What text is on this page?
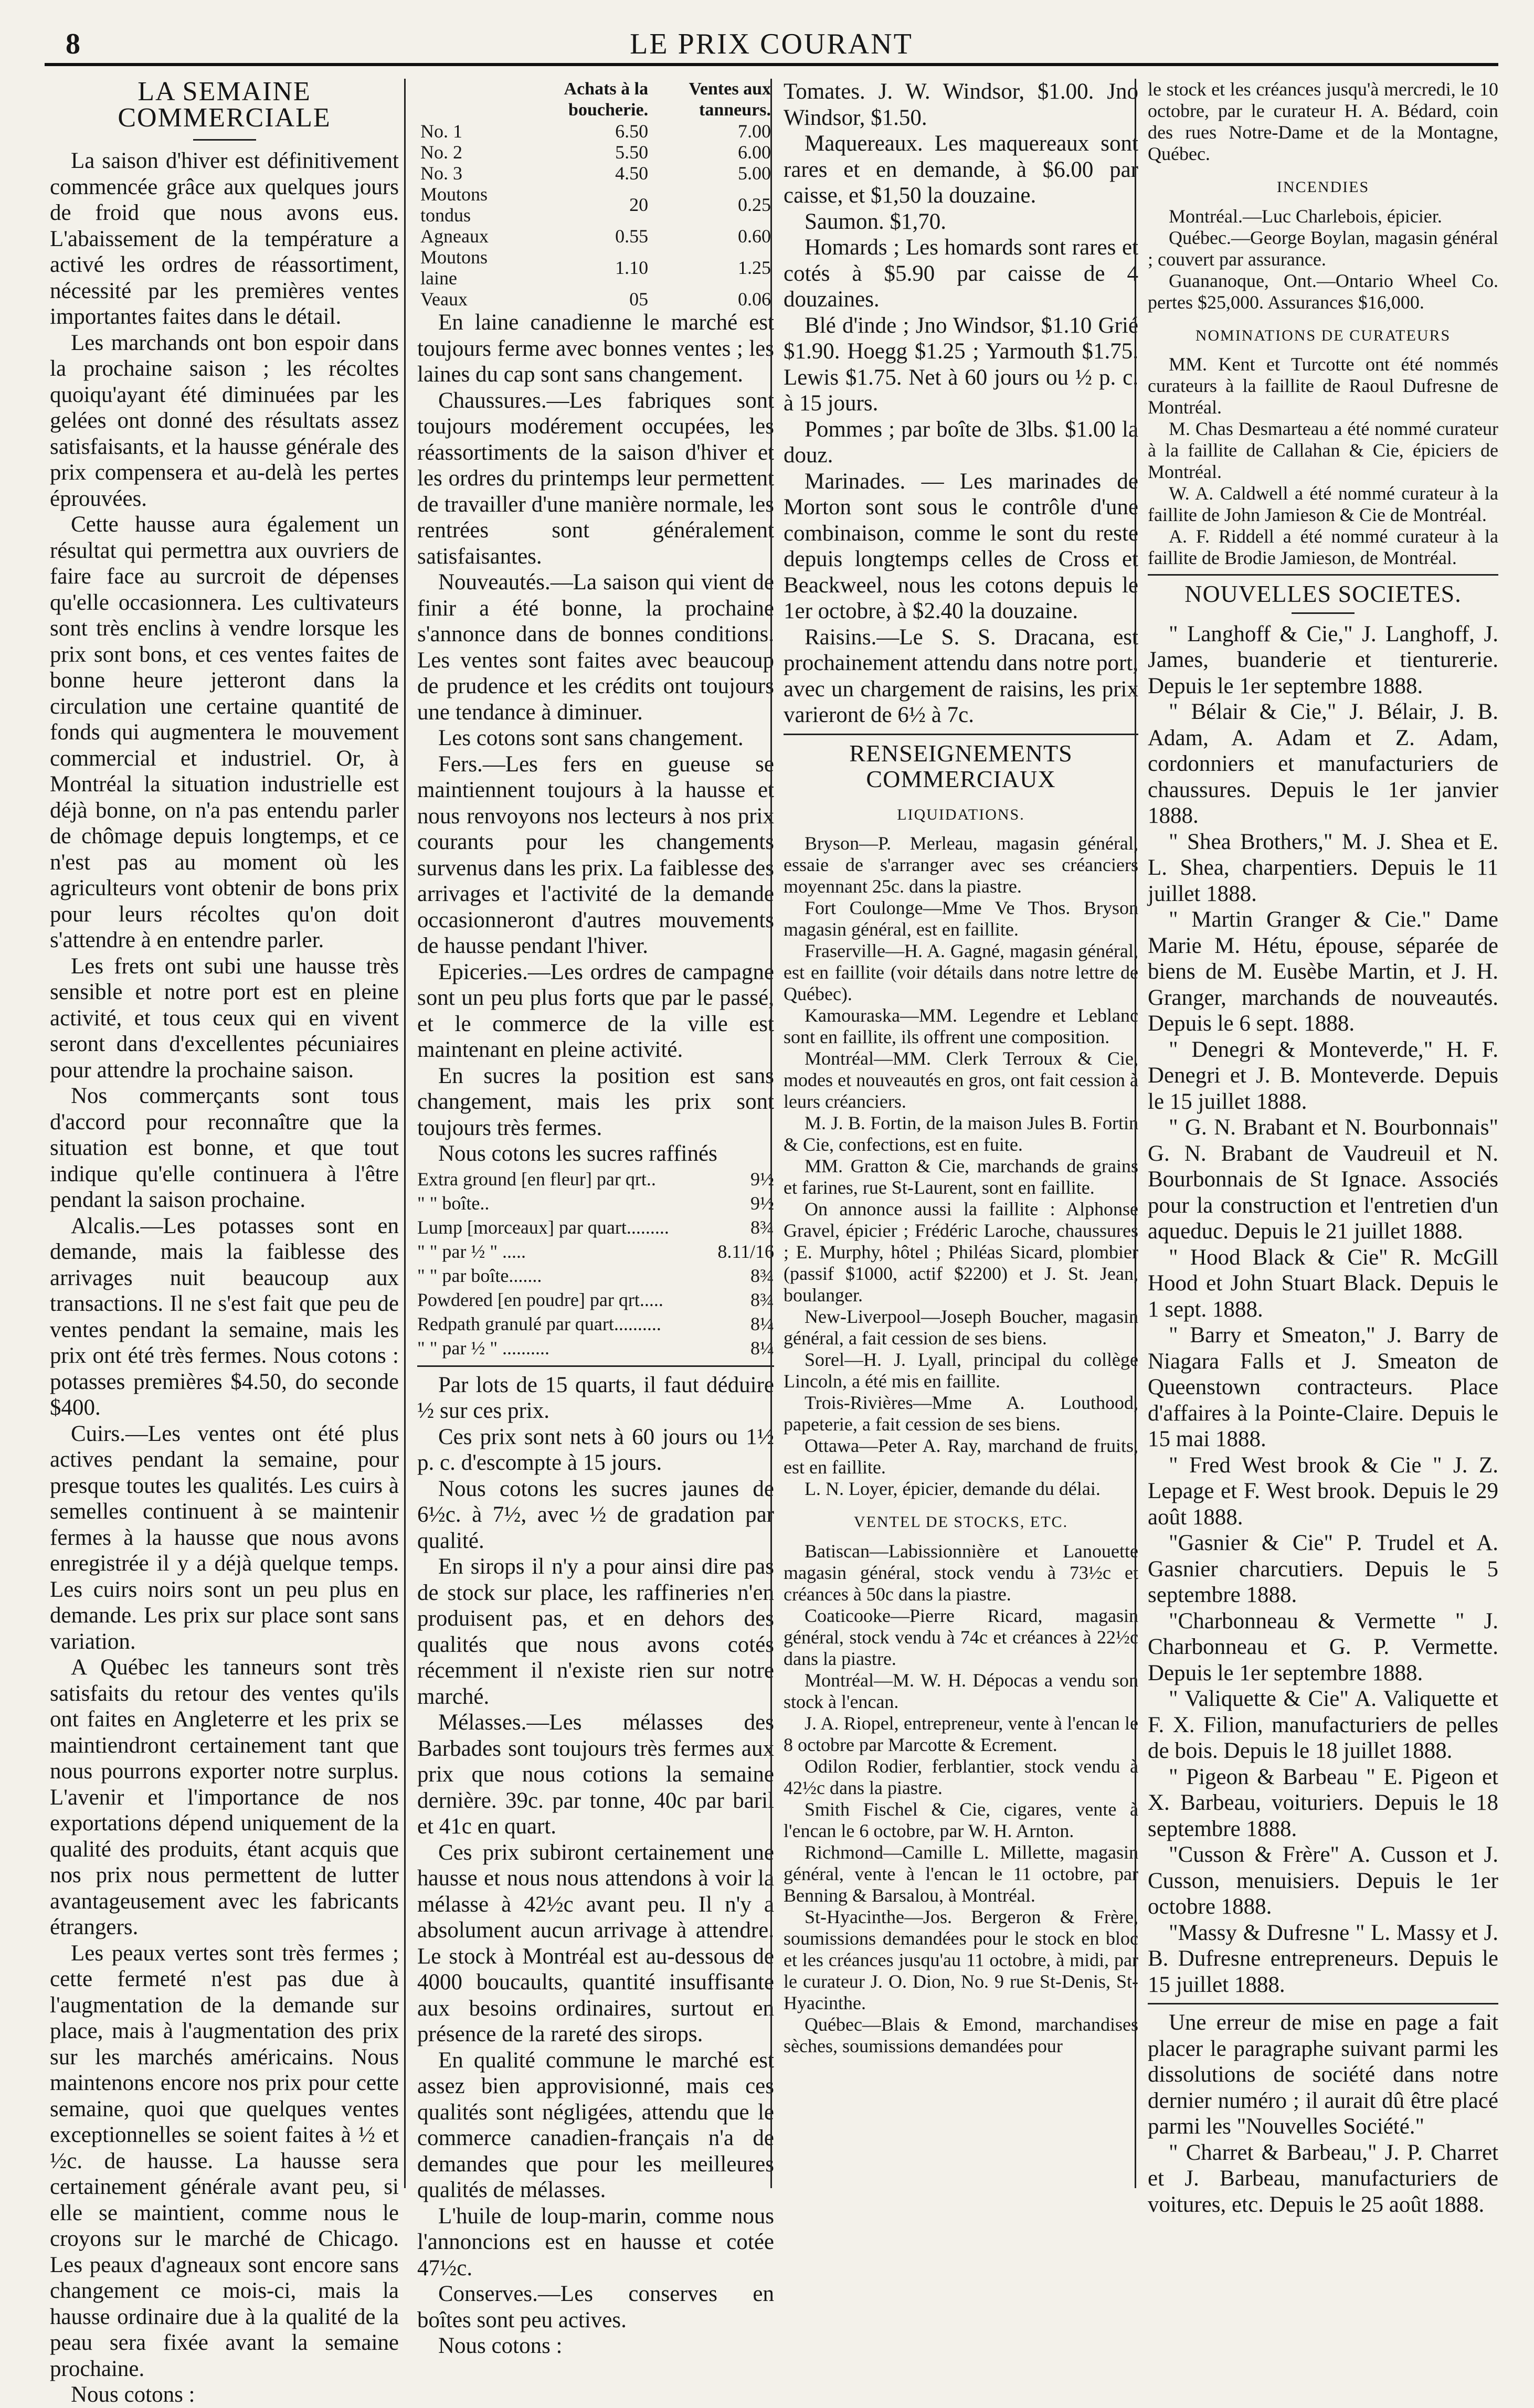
8	LE PRIX COURANT
LA SEMAINE COMMERCIALE

La saison d'hiver est définitivement commencée grâce aux quelques jours de froid que nous avons eus. L'abaissement de la température a activé les ordres de réassortiment, nécessité par les premières ventes importantes faites dans le détail.

Les marchands ont bon espoir dans la prochaine saison ; les récoltes quoiqu'ayant été diminuées par les gelées ont donné des résultats assez satisfaisants, et la hausse générale des prix compensera et au-delà les pertes éprouvées.

Cette hausse aura également un résultat qui permettra aux ouvriers de faire face au surcroit de dépenses qu'elle occasionnera. Les cultivateurs sont très enclins à vendre lorsque les prix sont bons, et ces ventes faites de bonne heure jetteront dans la circulation une certaine quantité de fonds qui augmentera le mouvement commercial et industriel. Or, à Montréal la situation industrielle est déjà bonne, on n'a pas entendu parler de chômage depuis longtemps, et ce n'est pas au moment où les agriculteurs vont obtenir de bons prix pour leurs récoltes qu'on doit s'attendre à en entendre parler.

Les frets ont subi une hausse très sensible et notre port est en pleine activité, et tous ceux qui en vivent seront dans d'excellentes pécuniaires pour attendre la prochaine saison.

Nos commerçants sont tous d'accord pour reconnaître que la situation est bonne, et que tout indique qu'elle continuera à l'être pendant la saison prochaine.

Alcalis.—Les potasses sont en demande, mais la faiblesse des arrivages nuit beaucoup aux transactions. Il ne s'est fait que peu de ventes pendant la semaine, mais les prix ont été très fermes. Nous cotons : potasses premières $4.50, do seconde $400.

Cuirs.—Les ventes ont été plus actives pendant la semaine, pour presque toutes les qualités. Les cuirs à semelles continuent à se maintenir fermes à la hausse que nous avons enregistrée il y a déjà quelque temps. Les cuirs noirs sont un peu plus en demande. Les prix sur place sont sans variation.

A Québec les tanneurs sont très satisfaits du retour des ventes qu'ils ont faites en Angleterre et les prix se maintiendront certainement tant que nous pourrons exporter notre surplus. L'avenir et l'importance de nos exportations dépend uniquement de la qualité des produits, étant acquis que nos prix nous permettent de lutter avantageusement avec les fabricants étrangers.

Les peaux vertes sont très fermes ; cette fermeté n'est pas due à l'augmentation de la demande sur place, mais à l'augmentation des prix sur les marchés américains. Nous maintenons encore nos prix pour cette semaine, quoi que quelques ventes exceptionnelles se soient faites à ½ et ½c. de hausse. La hausse sera certainement générale avant peu, si elle se maintient, comme nous le croyons sur le marché de Chicago. Les peaux d'agneaux sont encore sans changement ce mois-ci, mais la hausse ordinaire due à la qualité de la peau sera fixée avant la semaine prochaine.

Nous cotons :

	Achats à la boucherie.	Ventes aux tanneurs.
No. 1	6.50	7.00
No. 2	5.50	6.00
No. 3	4.50	5.00
Moutons tondus	20	0.25
Agneaux	0.55	0.60
Moutons laine	1.10	1.25
Veaux	05	0.06

En laine canadienne le marché est toujours ferme avec bonnes ventes ; les laines du cap sont sans changement.

Chaussures.—Les fabriques sont toujours modérement occupées, les réassortiments de la saison d'hiver et les ordres du printemps leur permettent de travailler d'une manière normale, les rentrées sont généralement satisfaisantes.

Nouveautés.—La saison qui vient de finir a été bonne, la prochaine s'annonce dans de bonnes conditions. Les ventes sont faites avec beaucoup de prudence et les crédits ont toujours une tendance à diminuer.

Les cotons sont sans changement.

Fers.—Les fers en gueuse se maintiennent toujours à la hausse et nous renvoyons nos lecteurs à nos prix courants pour les changements survenus dans les prix. La faiblesse des arrivages et l'activité de la demande occasionneront d'autres mouvements de hausse pendant l'hiver.

Epiceries.—Les ordres de campagne sont un peu plus forts que par le passé, et le commerce de la ville est maintenant en pleine activité.

En sucres la position est sans changement, mais les prix sont toujours très fermes.

Nous cotons les sucres raffinés

Extra ground [en fleur] par qrt..	9½
" " boîte..	9½
Lump [morceaux] par quart.........	8¾
" " par ½ " .....	8.11/16
" " par boîte.......	8¾
Powdered [en poudre] par qrt.....	8¾
Redpath granulé par quart..........	8¼
" " par ½ " ..........	8¼

Par lots de 15 quarts, il faut déduire ½ sur ces prix.

Ces prix sont nets à 60 jours ou 1½ p. c. d'escompte à 15 jours.

Nous cotons les sucres jaunes de 6½c. à 7½, avec ½ de gradation par qualité.

En sirops il n'y a pour ainsi dire pas de stock sur place, les raffineries n'en produisent pas, et en dehors des qualités que nous avons cotés récemment il n'existe rien sur notre marché.

Mélasses.—Les mélasses des Barbades sont toujours très fermes aux prix que nous cotions la semaine dernière. 39c. par tonne, 40c par baril et 41c en quart.

Ces prix subiront certainement une hausse et nous nous attendons à voir la mélasse à 42½c avant peu. Il n'y a absolument aucun arrivage à attendre. Le stock à Montréal est au-dessous de 4000 boucaults, quantité insuffisante aux besoins ordinaires, surtout en présence de la rareté des sirops.

En qualité commune le marché est assez bien approvisionné, mais ces qualités sont négligées, attendu que le commerce canadien-français n'a de demandes que pour les meilleures qualités de mélasses.

L'huile de loup-marin, comme nous l'annoncions est en hausse et cotée 47½c.

Conserves.—Les conserves en boîtes sont peu actives.

Nous cotons :

Tomates. J. W. Windsor, $1.00. Jno Windsor, $1.50.

Maquereaux. Les maquereaux sont rares et en demande, à $6.00 par caisse, et $1,50 la douzaine.

Saumon. $1,70.

Homards ; Les homards sont rares et cotés à $5.90 par caisse de 4 douzaines.

Blé d'inde ; Jno Windsor, $1.10 Grié $1.90. Hoegg $1.25 ; Yarmouth $1.75. Lewis $1.75. Net à 60 jours ou ½ p. c. à 15 jours.

Pommes ; par boîte de 3lbs. $1.00 la douz.

Marinades. — Les marinades de Morton sont sous le contrôle d'une combinaison, comme le sont du reste depuis longtemps celles de Cross et Beackweel, nous les cotons depuis le 1er octobre, à $2.40 la douzaine.

Raisins.—Le S. S. Dracana, est prochainement attendu dans notre port, avec un chargement de raisins, les prix varieront de 6½ à 7c.

RENSEIGNEMENTS COMMERCIAUX
LIQUIDATIONS.

Bryson—P. Merleau, magasin général, essaie de s'arranger avec ses créanciers moyennant 25c. dans la piastre.

Fort Coulonge—Mme Ve Thos. Bryson magasin général, est en faillite.

Fraserville—H. A. Gagné, magasin général, est en faillite (voir détails dans notre lettre de Québec).

Kamouraska—MM. Legendre et Leblanc sont en faillite, ils offrent une composition.

Montréal—MM. Clerk Terroux & Cie, modes et nouveautés en gros, ont fait cession à leurs créanciers.

M. J. B. Fortin, de la maison Jules B. Fortin & Cie, confections, est en fuite.

MM. Gratton & Cie, marchands de grains et farines, rue St-Laurent, sont en faillite.

On annonce aussi la faillite : Alphonse Gravel, épicier ; Frédéric Laroche, chaussures ; E. Murphy, hôtel ; Philéas Sicard, plombier (passif $1000, actif $2200) et J. St. Jean, boulanger.

New-Liverpool—Joseph Boucher, magasin général, a fait cession de ses biens.

Sorel—H. J. Lyall, principal du collège Lincoln, a été mis en faillite.

Trois-Rivières—Mme A. Louthood, papeterie, a fait cession de ses biens.

Ottawa—Peter A. Ray, marchand de fruits, est en faillite.

L. N. Loyer, épicier, demande du délai.

VENTEL DE STOCKS, ETC.

Batiscan—Labissionnière et Lanouette magasin général, stock vendu à 73½c et créances à 50c dans la piastre.

Coaticooke—Pierre Ricard, magasin général, stock vendu à 74c et créances à 22½c dans la piastre.

Montréal—M. W. H. Dépocas a vendu son stock à l'encan.

J. A. Riopel, entrepreneur, vente à l'encan le 8 octobre par Marcotte & Ecrement.

Odilon Rodier, ferblantier, stock vendu à 42½c dans la piastre.

Smith Fischel & Cie, cigares, vente à l'encan le 6 octobre, par W. H. Arnton.

Richmond—Camille L. Millette, magasin général, vente à l'encan le 11 octobre, par Benning & Barsalou, à Montréal.

St-Hyacinthe—Jos. Bergeron & Frère, soumissions demandées pour le stock en bloc et les créances jusqu'au 11 octobre, à midi, par le curateur J. O. Dion, No. 9 rue St-Denis, St-Hyacinthe.

Québec—Blais & Emond, marchandises sèches, soumissions demandées pour

le stock et les créances jusqu'à mercredi, le 10 octobre, par le curateur H. A. Bédard, coin des rues Notre-Dame et de la Montagne, Québec.

INCENDIES

Montréal.—Luc Charlebois, épicier.

Québec.—George Boylan, magasin général ; couvert par assurance.

Guananoque, Ont.—Ontario Wheel Co. pertes $25,000. Assurances $16,000.

NOMINATIONS DE CURATEURS

MM. Kent et Turcotte ont été nommés curateurs à la faillite de Raoul Dufresne de Montréal.

M. Chas Desmarteau a été nommé curateur à la faillite de Callahan & Cie, épiciers de Montréal.

W. A. Caldwell a été nommé curateur à la faillite de John Jamieson & Cie de Montréal.

A. F. Riddell a été nommé curateur à la faillite de Brodie Jamieson, de Montréal.

NOUVELLES SOCIETES.

" Langhoff & Cie," J. Langhoff, J. James, buanderie et tienturerie. Depuis le 1er septembre 1888.

" Bélair & Cie," J. Bélair, J. B. Adam, A. Adam et Z. Adam, cordonniers et manufacturiers de chaussures. Depuis le 1er janvier 1888.

" Shea Brothers," M. J. Shea et E. L. Shea, charpentiers. Depuis le 11 juillet 1888.

" Martin Granger & Cie." Dame Marie M. Hétu, épouse, séparée de biens de M. Eusèbe Martin, et J. H. Granger, marchands de nouveautés. Depuis le 6 sept. 1888.

" Denegri & Monteverde," H. F. Denegri et J. B. Monteverde. Depuis le 15 juillet 1888.

" G. N. Brabant et N. Bourbonnais" G. N. Brabant de Vaudreuil et N. Bourbonnais de St Ignace. Associés pour la construction et l'entretien d'un aqueduc. Depuis le 21 juillet 1888.

" Hood Black & Cie" R. McGill Hood et John Stuart Black. Depuis le 1 sept. 1888.

" Barry et Smeaton," J. Barry de Niagara Falls et J. Smeaton de Queenstown contracteurs. Place d'affaires à la Pointe-Claire. Depuis le 15 mai 1888.

" Fred West brook & Cie " J. Z. Lepage et F. West brook. Depuis le 29 août 1888.

"Gasnier & Cie" P. Trudel et A. Gasnier charcutiers. Depuis le 5 septembre 1888.

"Charbonneau & Vermette " J. Charbonneau et G. P. Vermette. Depuis le 1er septembre 1888.

" Valiquette & Cie" A. Valiquette et F. X. Filion, manufacturiers de pelles de bois. Depuis le 18 juillet 1888.

" Pigeon & Barbeau " E. Pigeon et X. Barbeau, voituriers. Depuis le 18 septembre 1888.

"Cusson & Frère" A. Cusson et J. Cusson, menuisiers. Depuis le 1er octobre 1888.

"Massy & Dufresne " L. Massy et J. B. Dufresne entrepreneurs. Depuis le 15 juillet 1888.

Une erreur de mise en page a fait placer le paragraphe suivant parmi les dissolutions de société dans notre dernier numéro ; il aurait dû être placé parmi les "Nouvelles Société."

" Charret & Barbeau," J. P. Charret et J. Barbeau, manufacturiers de voitures, etc. Depuis le 25 août 1888.
